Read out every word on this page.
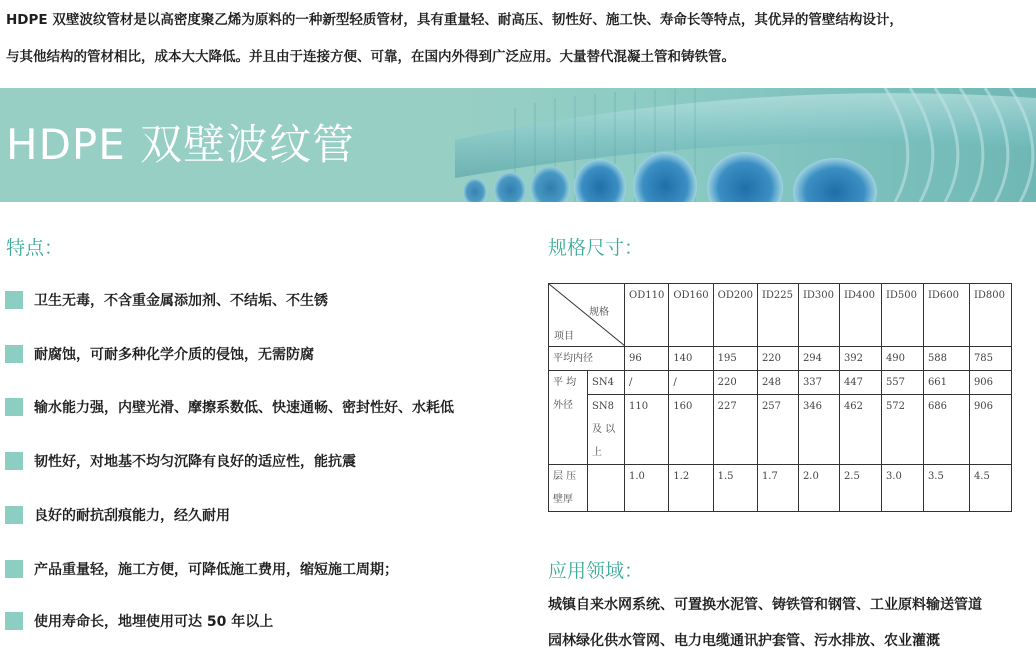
HDPE 双壁波纹管材是以高密度聚乙烯为原料的一种新型轻质管材，具有重量轻、耐高压、韧性好、施工快、寿命长等特点，其优异的管壁结构设计，

与其他结构的管材相比，成本大大降低。并且由于连接方便、可靠，在国内外得到广泛应用。大量替代混凝土管和铸铁管。

HDPE 双壁波纹管
特点：
卫生无毒，不含重金属添加剂、不结垢、不生锈
耐腐蚀，可耐多种化学介质的侵蚀，无需防腐
输水能力强，内壁光滑、摩擦系数低、快速通畅、密封性好、水耗低
韧性好，对地基不均匀沉降有良好的适应性，能抗震
良好的耐抗刮痕能力，经久耐用
产品重量轻，施工方便，可降低施工费用，缩短施工周期；
使用寿命长，地埋使用可达 50 年以上
规格尺寸：
规格
项目		OD110	OD160	OD200	ID225	ID300	ID400	ID500	ID600	ID800
平均内径		96	140	195	220	294	392	490	588	785

平 均
外径	SN4	/	/	220	248	337	447	557	661	906

	SN8
及 以
上	110	160	227	257	346	462	572	686	906

层 压
壁厚		1.0	1.2	1.5	1.7	2.0	2.5	3.0	3.5	4.5
应用领域：
城镇自来水网系统、可置换水泥管、铸铁管和钢管、工业原料输送管道
园林绿化供水管网、电力电缆通讯护套管、污水排放、农业灌溉
